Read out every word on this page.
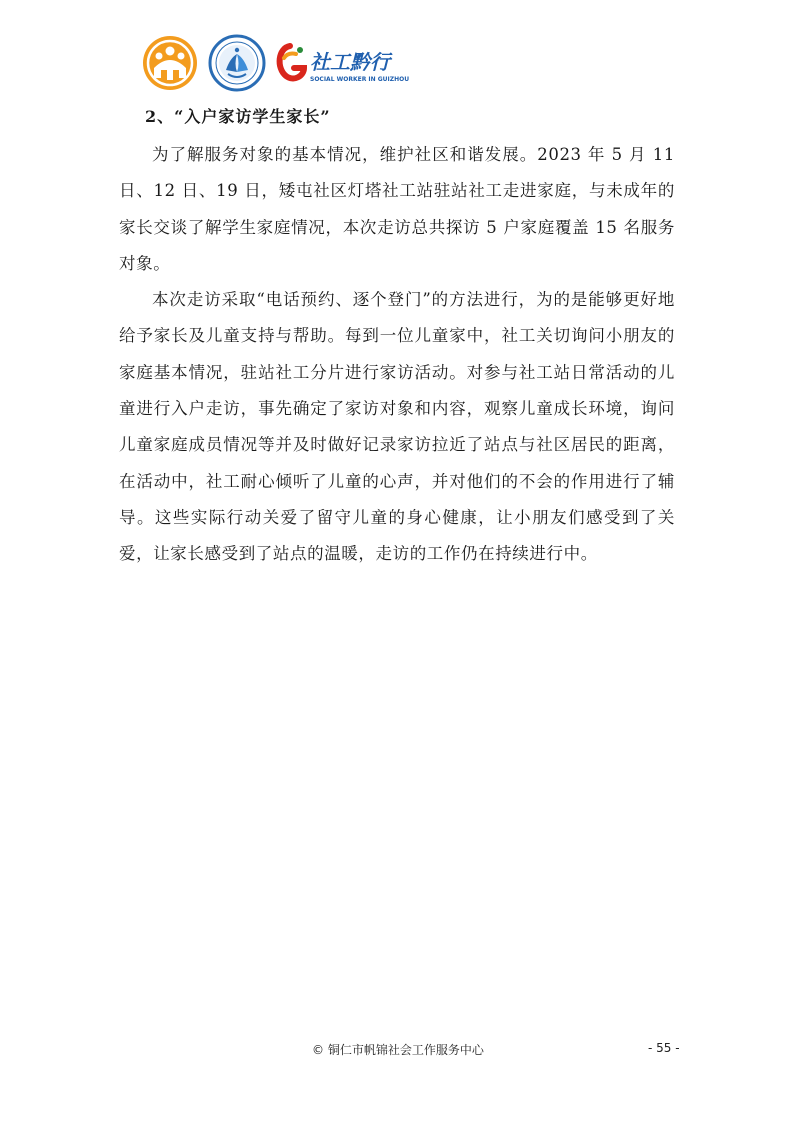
社工黔行
SOCIAL WORKER IN GUIZHOU
2、“入户家访学生家长”

为了解服务对象的基本情况，维护社区和谐发展。2023 年 5 月 11 日、12 日、19 日，矮屯社区灯塔社工站驻站社工走进家庭，与未成年的家长交谈了解学生家庭情况，本次走访总共探访 5 户家庭覆盖 15 名服务对象。

本次走访采取“电话预约、逐个登门”的方法进行，为的是能够更好地给予家长及儿童支持与帮助。每到一位儿童家中，社工关切询问小朋友的家庭基本情况，驻站社工分片进行家访活动。对参与社工站日常活动的儿童进行入户走访，事先确定了家访对象和内容，观察儿童成长环境，询问儿童家庭成员情况等并及时做好记录家访拉近了站点与社区居民的距离，在活动中，社工耐心倾听了儿童的心声，并对他们的不会的作用进行了辅导。这些实际行动关爱了留守儿童的身心健康，让小朋友们感受到了关爱，让家长感受到了站点的温暖，走访的工作仍在持续进行中。

© 铜仁市帆锦社会工作服务中心	- 55 -
